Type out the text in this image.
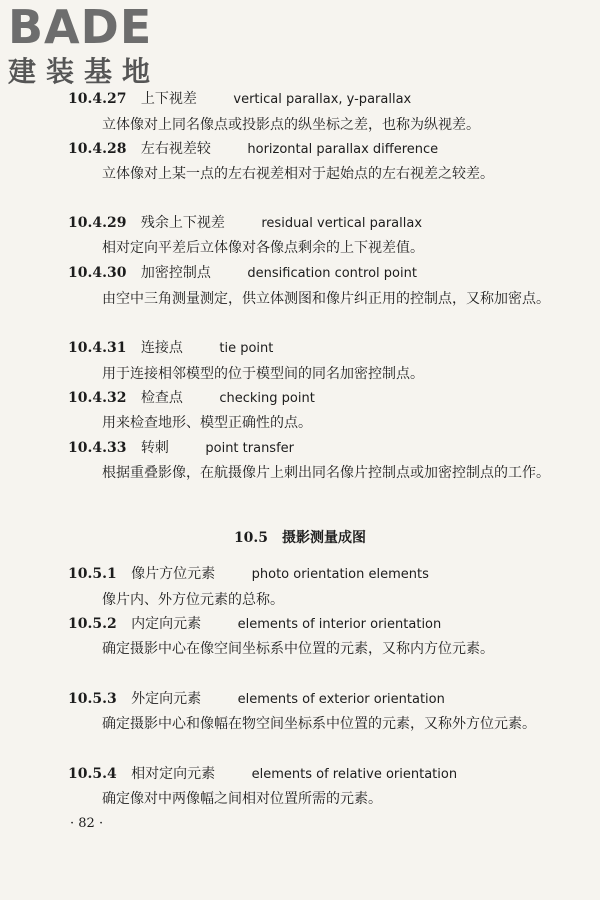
BADE
建装基地
10.4.27 上下视差	vertical parallax, y-parallax
立体像对上同名像点或投影点的纵坐标之差，也称为纵视差。
10.4.28 左右视差较	horizontal parallax difference
立体像对上某一点的左右视差相对于起始点的左右视差之较差。
10.4.29 残余上下视差	residual vertical parallax
相对定向平差后立体像对各像点剩余的上下视差值。
10.4.30 加密控制点	densification control point
由空中三角测量测定，供立体测图和像片纠正用的控制点，又称加密点。
10.4.31 连接点	tie point
用于连接相邻模型的位于模型间的同名加密控制点。
10.4.32 检查点	checking point
用来检查地形、模型正确性的点。
10.4.33 转刺	point transfer
根据重叠影像，在航摄像片上刺出同名像片控制点或加密控制点的工作。
10.5　摄影测量成图
10.5.1 像片方位元素	photo orientation elements
像片内、外方位元素的总称。
10.5.2 内定向元素	elements of interior orientation
确定摄影中心在像空间坐标系中位置的元素，又称内方位元素。
10.5.3 外定向元素	elements of exterior orientation
确定摄影中心和像幅在物空间坐标系中位置的元素，又称外方位元素。
10.5.4 相对定向元素	elements of relative orientation
确定像对中两像幅之间相对位置所需的元素。
· 82 ·
